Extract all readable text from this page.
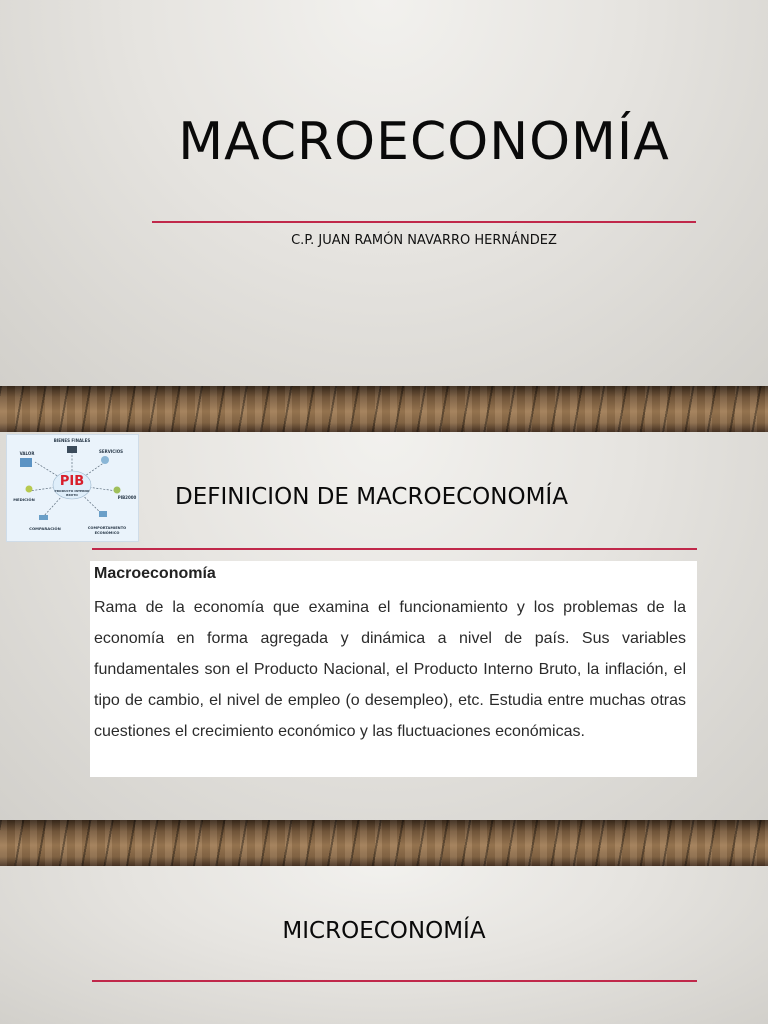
MACROECONOMÍA
C.P. JUAN RAMÓN NAVARRO HERNÁNDEZ
PIB
PRODUCTO INTERNO
BRUTO
BIENES FINALES
SERVICIOS
PIB2000
COMPORTAMIENTO
ECONÓMICO
COMPARACIÓN
MEDICIÓN
VALOR
DEFINICION DE MACROECONOMÍA
Macroeconomía
Rama de la economía que examina el funcionamiento y los problemas de la economía en forma agregada y dinámica a nivel de país. Sus variables fundamentales son el Producto Nacional, el Producto Interno Bruto, la inflación, el tipo de cambio, el nivel de empleo (o desempleo), etc. Estudia entre muchas otras cuestiones el crecimiento económico y las fluctuaciones económicas.
MICROECONOMÍA
